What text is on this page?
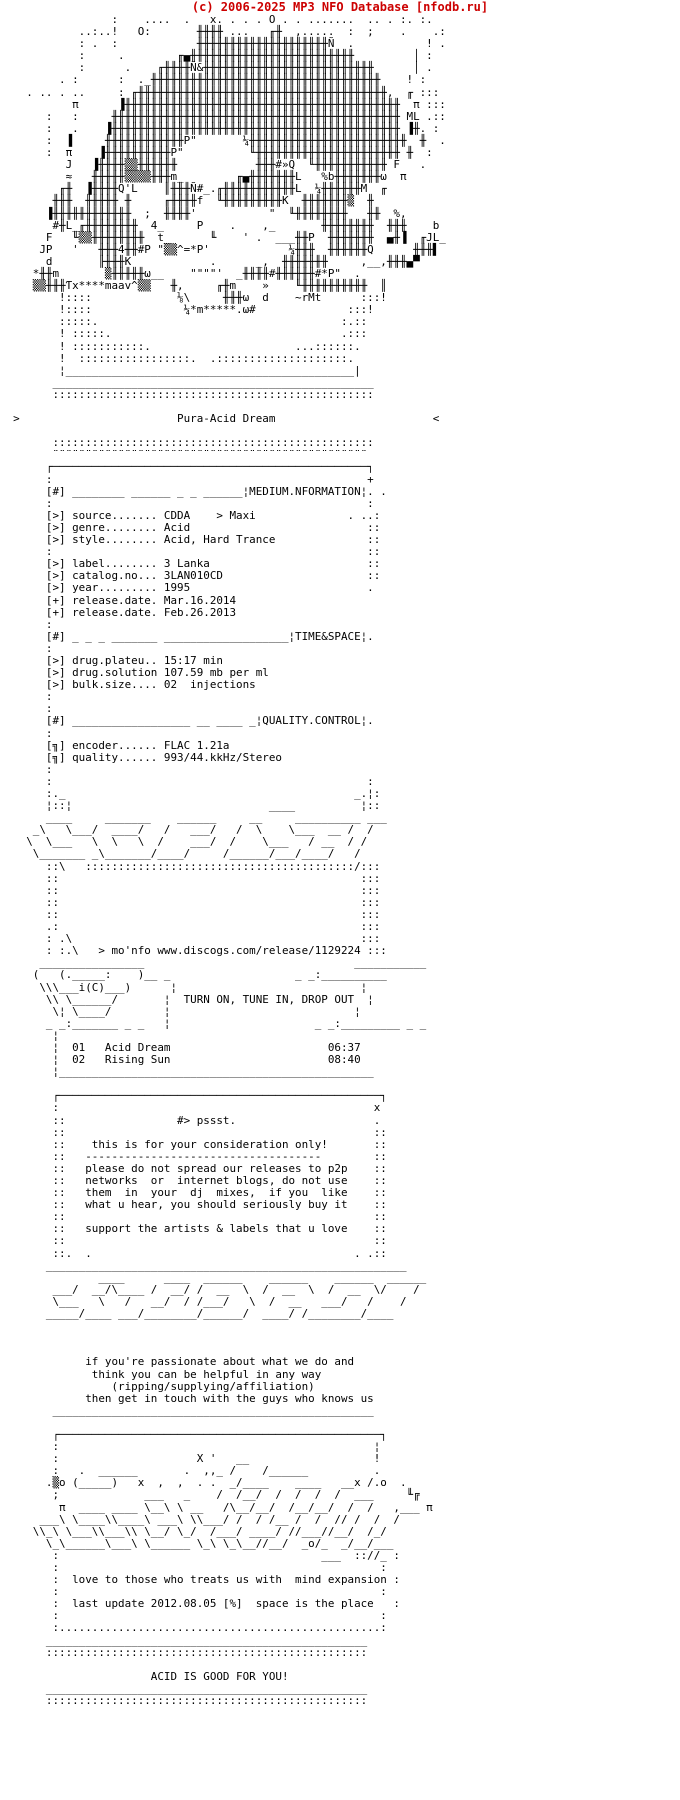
(c) 2006-2025 MP3 NFO Database [nfodb.ru]
:    ....  .   x. . . . O . . .......  .. . :. :.
..:..!   O:       ╫╫╫╫ ...   ╓╫  ,.....  :  ;    .    .:
: .  :            ╫╫╫╫╫╫╫╫╫╫╫╫╫╫╫╫╫╫╫╫Ñ  .           ! .
:     .        ╓▄╫╫╫╫╫╫╫╫╫╫╫╫╫╫╫╫╫╫╫╫╫╫╫╫╫         │ :
:      .    ╓╫╫╫╫Ñ&╫╫╫╫╫╫╫╫╫╫╫╫╫╫╫╫╫╫╫╫╫╫╫╫╫╫      │ .
. :      :  ._╫╫╫╫╫╫╫╫╫╫╫╫╫╫╫╫╫╫╫╫╫╫╫╫╫╫╫╫╫╫╫╫╫╫╫    ! :
. .. . ..     : ╓╫╫╫╫╫╫╫╫╫╫╫╫╫╫╫╫╫╫╫╫╫╫╫╫╫╫╫╫╫╫╫╫╫╫╫╫╫╫,  ╓ :::
π      ▐╫╫╫╫╫╫╫╫╫╫╫╫╫╫╫╫╫╫╫╫╫╫╫╫╫╫╫╫╫╫╫╫╫╫╫╫╫╫╫╫╫╫  π :::
:   :     ╫╫╫╫╫╫╫╫╫╫╫╫╫╫╫╫╫╫╫╫╫╫╫╫╫╫╫╫╫╫╫╫╫╫╫╫╫╫╫╫╫╫╫╫ ML .::
:   .    ▐╫╫╫╫╫╫╫╫╫╫╫╫╫╫╫╫╫╫╫╫╫╫╫╫╫╫╫╫╫╫╫╫╫╫╫╫╫╫╫╫╫╫╫╫ ▐╫. :
:  ▐     ╫╫╫╫╫╫╫╫╫╫╫╫P"       ¼╫╫╫╫╫╫╫╫╫╫╫╫╫╫╫╫╫╫╫╫╫╫╫╫  ╫  .
:  π    ▐╫╫╫╫╫╫╫╫╫╫P"          ╙╫╫╫╫╫╫╫╫╫╫╫╫╫╫╫╫╫╫╫╫╫╫ ╫  :
J   ▐╫╫╫╫▒▒╫╫╫╫╫╫            ╫╫╫#»Q  ╙╫╫╫╫╫╫╫╫╫╫╫ F   .
≈   ╫╫╫╫╫▒▒▒▒╫╫╫m_        ╓▄╫╫╫╫╫╫╫L   %b╫╫╫╫╫╫╫ω  π
╓╫  ▐╫╫╫╫Q'L    ║╫╫╫Ñ#_.╓╫╫╫╫╫╫╫╫╫╫╫L  ¼╫╫╫╫╫╫M  ╓
╫╫╫  ╫╫╫╫╫ ╫     ╓╫╫╫╫f  ╙╫╫╫╫╫╫╫╫╫K  ╫╫╫╫╫╫╫▒  ╫
▐╫╫╫╫╫╫╫╫╫╫╫╫  ;  ╫╫╫╫'           "  ╙╫╫╫╫╫╫╫╫   ╫╫  %,
#╫L_╓╫╫╫╫╫╫╫╫  4_     P    .    ,_       ╫╫╫╫╫╫╫╫  ╫╫╫    b
F   ╙▒▒╫╫╫╫╫╫╫╫  t_      ╙    ' .  ___╫╫P  ╫╫╫╫╫╫╫  ▄╫▐  ╓JL_
JP   '   ╫╫╫4╫╫#P "▒▒^=*P'            ¼╫╫╫  ╫╫╫╫╫╫Q      ╫╫╫▌
d       ╟╫╫╫K            .      _,  ╫╫╫╫╫╫╫     ,__,╫╫╫▄▀
*╫╫m       ▒╫╫╫╫╫ω__    """"'  _╫╫╫╫#╫╫╫╫╫╫#*P"  .
▒▒╫╫╫Ƭx****maav^▒▒   ╫,     ╓╫m    »    ╙╫╫╫╫╫╫╫╫╫╫  ║
!::::             ⅛\     ╫╫╫ω  d    ~rMt      :::!
!::::              ¼*m*****.ω#              :::!
:::::.                                     :.::
! :::::.                                   .:::
! :::::::::::.                      ...::::::.
!  :::::::::::::::::.  .::::::::::::::::::::.
¦____________________________________________|
_________________________________________________
:::::::::::::::::::::::::::::::::::::::::::::::::

>                        Pura-Acid Dream                        <

:::::::::::::::::::::::::::::::::::::::::::::::::
¨¨¨¨¨¨¨¨¨¨¨¨¨¨¨¨¨¨¨¨¨¨¨¨¨¨¨¨¨¨¨¨¨¨¨¨¨¨¨¨¨¨¨¨¨¨¨¨
┌────────────────────────────────────────────────┐
:                                                +
[#] ________ ______ _ _ ______¦MEDIUM.NFORMATION¦. .
:                                                :
[>] source....... CDDA    > Maxi              . ..:
[>] genre........ Acid                           ::
[>] style........ Acid, Hard Trance              ::
:                                                ::
[>] label........ 3 Lanka                        ::
[>] catalog.no... 3LAN010CD                      ::
[>] year......... 1995                           .
[+] release.date. Mar.16.2014
[+] release.date. Feb.26.2013
:
[#] _ _ _ _______ ___________________¦TIME&SPACE¦.
:
[>] drug.plateu.. 15:17 min
[>] drug.solution 107.59 mb per ml
[>] bulk.size.... 02  injections
:
:
[#] __________________ __ ____ _¦QUALITY.CONTROL¦.
:
[╗] encoder...... FLAC 1.21a
[╗] quality...... 993/44.kkHz/Stereo
:
:                                                :
:._                                            _.¦:
¦::¦                              ____          ¦::
____     _______    ______     __     __________ ___
_\   \___/  ____/   /   ___/   /  \    \___  __ /  /
\  \___   \  \   \  /    ___/  /    \___   / __  / /
\_______ _\_______/____/     /______/___/____/   /
::\   :::::::::::::::::::::::::::::::::::::::::/:::
::                                              :::
::                                              :::
::                                              :::
::                                              :::
.:                                              :::
: .\                                            :::
: :.\   > mo'nfo www.discogs.com/release/1129224 :::
________________                                ___________
(   (._____:    )__ _                   _ _:__________
\\\___i(C)___)      ¦                            ¦
\\ \______/       ¦  TURN ON, TUNE IN, DROP OUT  ¦
\¦ \____/        ¦                            ¦
_ _:_______ _ _   ¦                      _ _:_________ _ _
¦
¦  01   Acid Dream                        06:37
¦  02   Rising Sun                        08:40
¦________________________________________________

┌─────────────────────────────────────────────────┐
:                                                x
::                 #> pssst.                     .
::                                               ::
::    this is for your consideration only!       ::
::   ------------------------------------        ::
::   please do not spread our releases to p2p    ::
::   networks  or  internet blogs, do not use    ::
::   them  in  your  dj  mixes,  if you  like    ::
::   what u hear, you should seriously buy it    ::
::                                               ::
::   support the artists & labels that u love    ::
::                                               ::
::.  .                                        . .::
_______________________________________________________
____      ____  ______    ______    ______  ______
___/  __/\____ /  __/ /  __  \  /  __  \  /  __  \/    /
\___   \   /   __/  / /___/   \  /  __   ___/   /    /
_____/____ ___/________/______/  ____/ /________/____

if you're passionate about what we do and
think you can be helpful in any way
(ripping/supplying/affiliation)
then get in touch with the guys who knows us
_________________________________________________

┌─────────────────────────────────────────────────┐
:                                                ¦
:                     X '   __                   !
:   .  ______       .  ,,_ /    /______          .
.▒o (_____)   x  ,  ,  . .  _/____    ____   __x /.o  .
;             ___   _    /  /__/  /  /  /  /  ___     ╙╔
π  ____ ____ \__\ \ __   /\__/__/  /__/__/  /  /   ,___ π
___\ \____\\____\ ___\ \\___/ /  / /__ /  /  // /  /  /
\\_\ \___\\___\\ \__/ \_/  /___/ ____/ //___//__/  /_/
\_\______\___\ \______ \_\ \_\__//__/  _o/_  _/__/___
:                                        ___  :://_ :
:                                                 :
:  love to those who treats us with  mind expansion :
:                                                 :
:  last update 2012.08.05 [%]  space is the place   :
:                                                 :
:.................................................:
_________________________________________________
:::::::::::::::::::::::::::::::::::::::::::::::::

ACID IS GOOD FOR YOU!
_________________________________________________
:::::::::::::::::::::::::::::::::::::::::::::::::
